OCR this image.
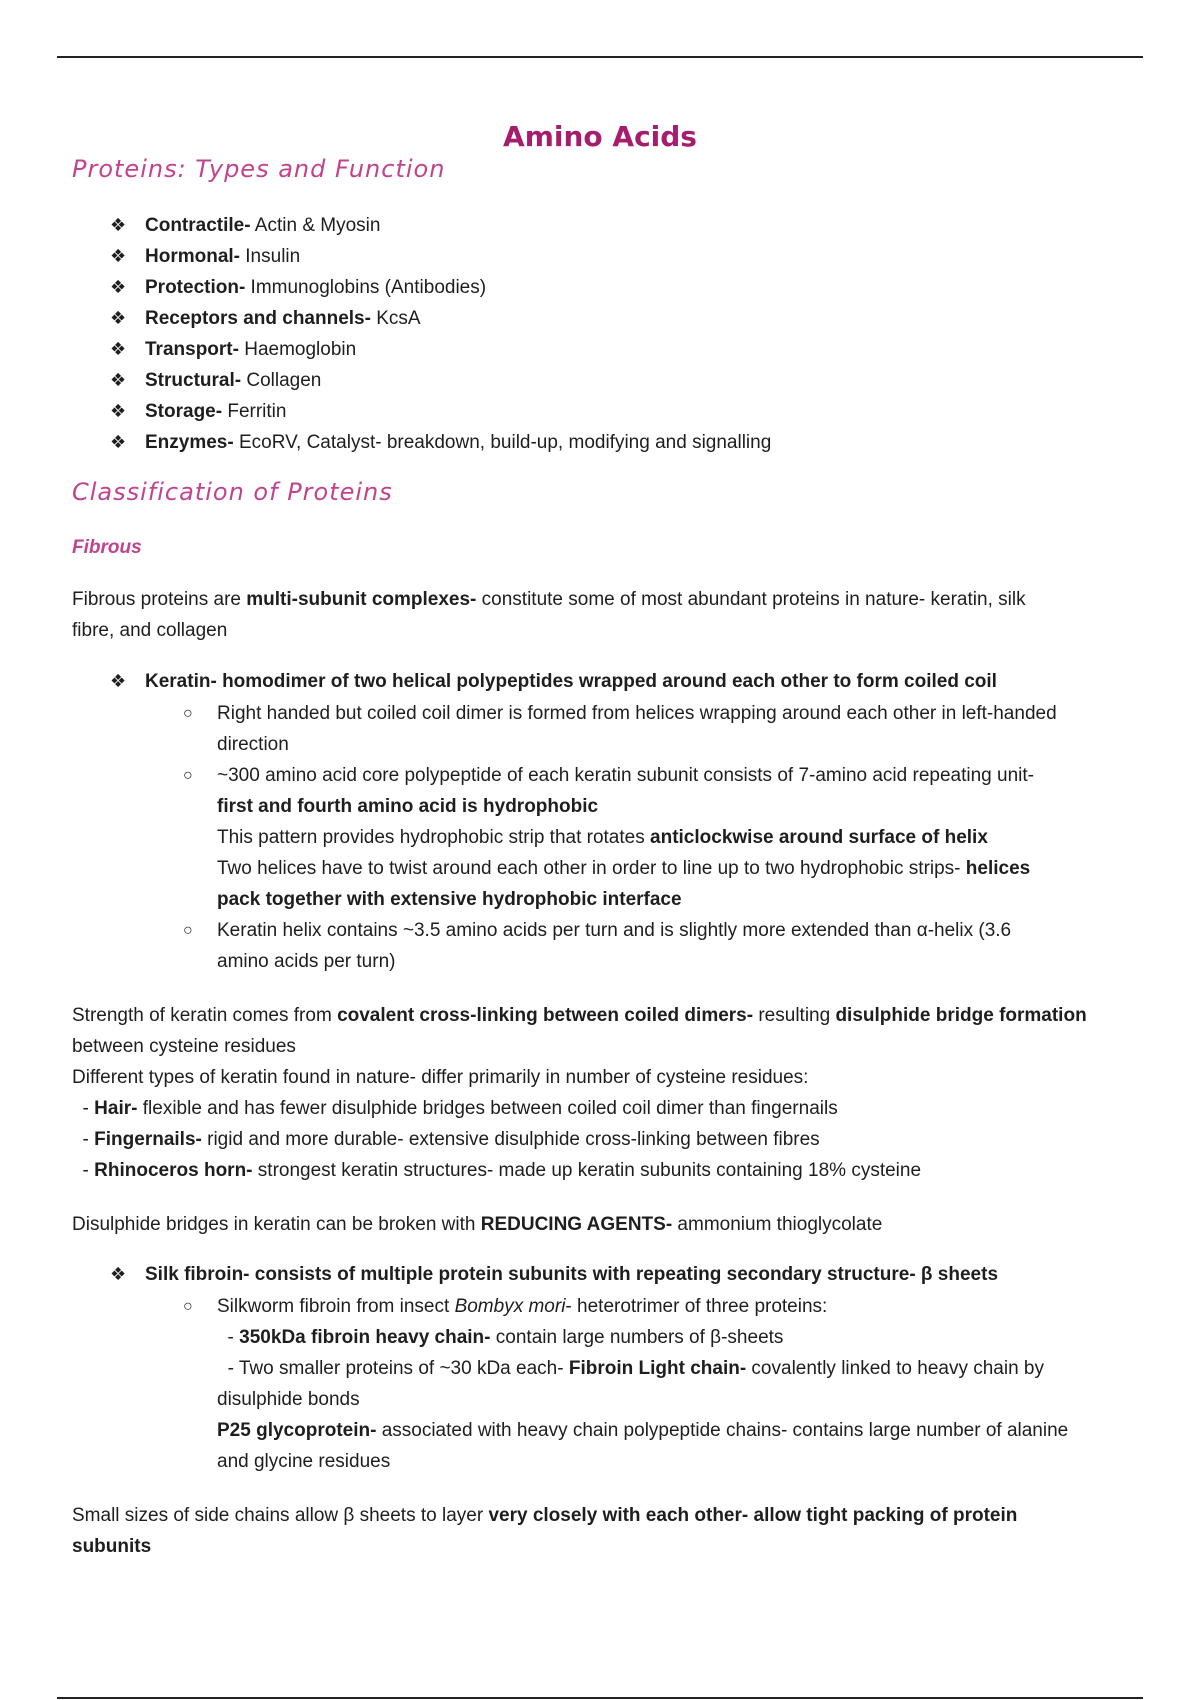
Amino Acids
Proteins: Types and Function
❖ Contractile- Actin & Myosin
❖ Hormonal- Insulin
❖ Protection- Immunoglobins (Antibodies)
❖ Receptors and channels- KcsA
❖ Transport- Haemoglobin
❖ Structural- Collagen
❖ Storage- Ferritin
❖ Enzymes- EcoRV, Catalyst- breakdown, build-up, modifying and signalling
Classification of Proteins
Fibrous
Fibrous proteins are multi-subunit complexes- constitute some of most abundant proteins in nature- keratin, silk
fibre, and collagen
❖ Keratin- homodimer of two helical polypeptides wrapped around each other to form coiled coil
○ Right handed but coiled coil dimer is formed from helices wrapping around each other in left-handed
direction
○ ~300 amino acid core polypeptide of each keratin subunit consists of 7-amino acid repeating unit-
first and fourth amino acid is hydrophobic
This pattern provides hydrophobic strip that rotates anticlockwise around surface of helix
Two helices have to twist around each other in order to line up to two hydrophobic strips- helices
pack together with extensive hydrophobic interface
○ Keratin helix contains ~3.5 amino acids per turn and is slightly more extended than α-helix (3.6
amino acids per turn)
Strength of keratin comes from covalent cross-linking between coiled dimers- resulting disulphide bridge formation
between cysteine residues
Different types of keratin found in nature- differ primarily in number of cysteine residues:
- Hair- flexible and has fewer disulphide bridges between coiled coil dimer than fingernails
- Fingernails- rigid and more durable- extensive disulphide cross-linking between fibres
- Rhinoceros horn- strongest keratin structures- made up keratin subunits containing 18% cysteine
Disulphide bridges in keratin can be broken with REDUCING AGENTS- ammonium thioglycolate
❖ Silk fibroin- consists of multiple protein subunits with repeating secondary structure- β sheets
○ Silkworm fibroin from insect Bombyx mori- heterotrimer of three proteins:
- 350kDa fibroin heavy chain- contain large numbers of β-sheets
- Two smaller proteins of ~30 kDa each- Fibroin Light chain- covalently linked to heavy chain by
disulphide bonds
P25 glycoprotein- associated with heavy chain polypeptide chains- contains large number of alanine
and glycine residues
Small sizes of side chains allow β sheets to layer very closely with each other- allow tight packing of protein
subunits
